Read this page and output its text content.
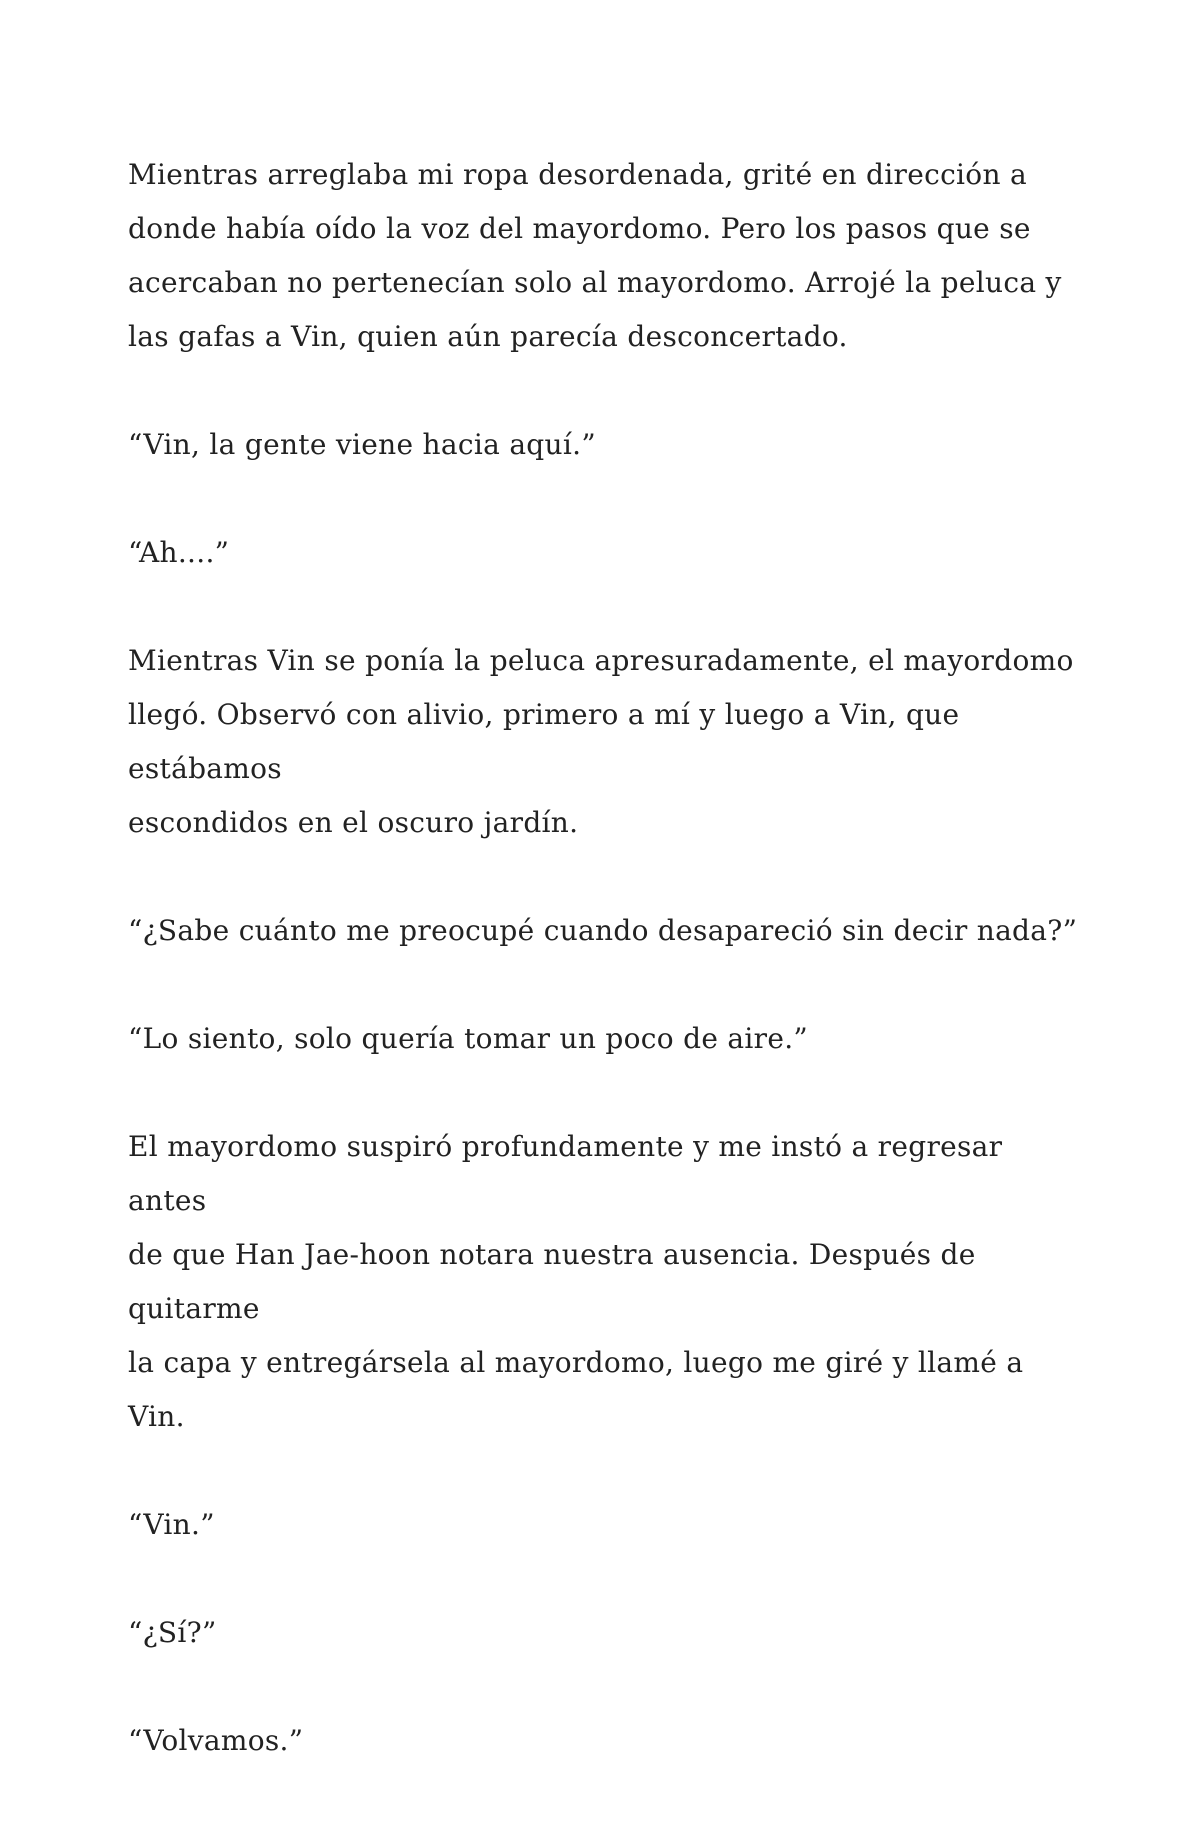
Mientras arreglaba mi ropa desordenada, grité en dirección a
donde había oído la voz del mayordomo. Pero los pasos que se
acercaban no pertenecían solo al mayordomo. Arrojé la peluca y
las gafas a Vin, quien aún parecía desconcertado.

“Vin, la gente viene hacia aquí.”

“Ah....”

Mientras Vin se ponía la peluca apresuradamente, el mayordomo
llegó. Observó con alivio, primero a mí y luego a Vin, que estábamos
escondidos en el oscuro jardín.

“¿Sabe cuánto me preocupé cuando desapareció sin decir nada?”

“Lo siento, solo quería tomar un poco de aire.”

El mayordomo suspiró profundamente y me instó a regresar antes
de que Han Jae-hoon notara nuestra ausencia. Después de quitarme
la capa y entregársela al mayordomo, luego me giré y llamé a Vin.

“Vin.”

“¿Sí?”

“Volvamos.”
